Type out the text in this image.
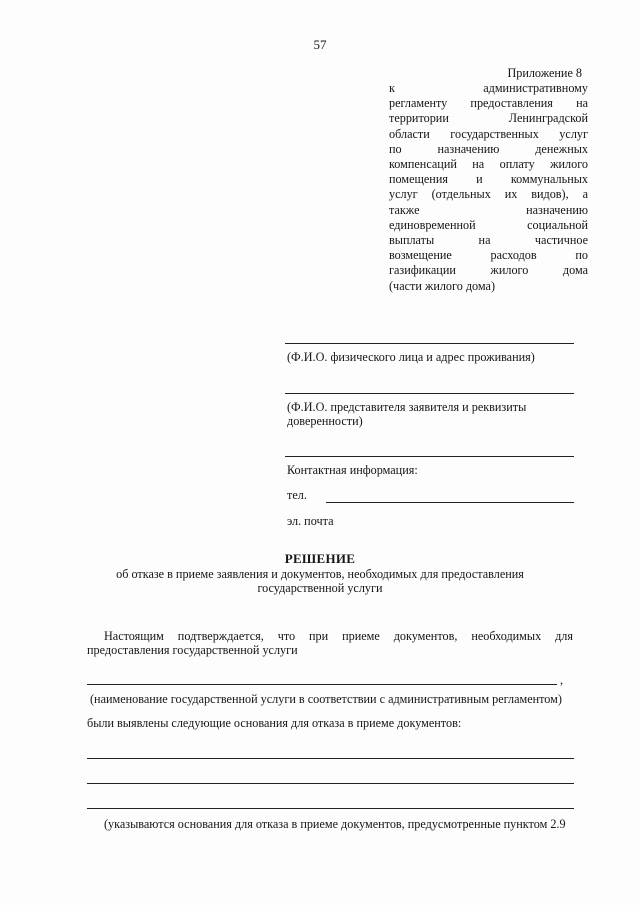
57
Приложение 8
к административному
регламенту предоставления на
территории Ленинградской
области государственных услуг
по назначению денежных
компенсаций на оплату жилого
помещения и коммунальных
услуг (отдельных их видов), а
также назначению
единовременной социальной
выплаты на частичное
возмещение расходов по
газификации жилого дома
(части жилого дома)
(Ф.И.О. физического лица и адрес проживания)
(Ф.И.О. представителя заявителя и реквизиты
доверенности)
Контактная информация:
тел.
эл. почта
РЕШЕНИЕ
об отказе в приеме заявления и документов, необходимых для предоставления
государственной услуги
Настоящим подтверждается, что при приеме документов, необходимых для
предоставления государственной услуги
,
(наименование государственной услуги в соответствии с административным регламентом)
были выявлены следующие основания для отказа в приеме документов:
(указываются основания для отказа в приеме документов, предусмотренные пунктом 2.9
